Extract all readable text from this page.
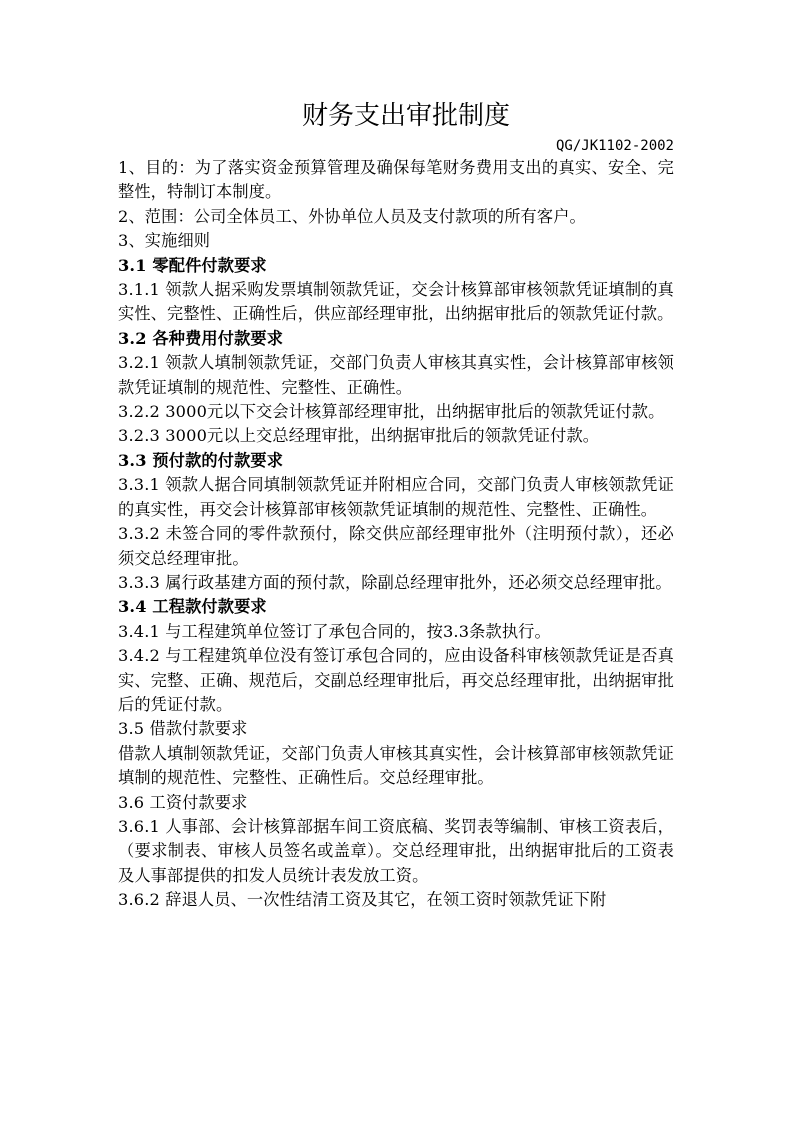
财务支出审批制度
QG/JK1102-2002

1、目的：为了落实资金预算管理及确保每笔财务费用支出的真实、安全、完整性，特制订本制度。

2、范围：公司全体员工、外协单位人员及支付款项的所有客户。

3、实施细则

3.1 零配件付款要求

3.1.1 领款人据采购发票填制领款凭证，交会计核算部审核领款凭证填制的真实性、完整性、正确性后，供应部经理审批，出纳据审批后的领款凭证付款。

3.2 各种费用付款要求

3.2.1 领款人填制领款凭证，交部门负责人审核其真实性，会计核算部审核领款凭证填制的规范性、完整性、正确性。

3.2.2 3000元以下交会计核算部经理审批，出纳据审批后的领款凭证付款。

3.2.3 3000元以上交总经理审批，出纳据审批后的领款凭证付款。

3.3 预付款的付款要求

3.3.1 领款人据合同填制领款凭证并附相应合同，交部门负责人审核领款凭证的真实性，再交会计核算部审核领款凭证填制的规范性、完整性、正确性。

3.3.2 未签合同的零件款预付，除交供应部经理审批外（注明预付款），还必须交总经理审批。

3.3.3 属行政基建方面的预付款，除副总经理审批外，还必须交总经理审批。

3.4 工程款付款要求

3.4.1 与工程建筑单位签订了承包合同的，按3.3条款执行。

3.4.2 与工程建筑单位没有签订承包合同的，应由设备科审核领款凭证是否真实、完整、正确、规范后，交副总经理审批后，再交总经理审批，出纳据审批后的凭证付款。

3.5 借款付款要求

借款人填制领款凭证，交部门负责人审核其真实性，会计核算部审核领款凭证填制的规范性、完整性、正确性后。交总经理审批。

3.6 工资付款要求

3.6.1 人事部、会计核算部据车间工资底稿、奖罚表等编制、审核工资表后，（要求制表、审核人员签名或盖章）。交总经理审批，出纳据审批后的工资表及人事部提供的扣发人员统计表发放工资。

3.6.2 辞退人员、一次性结清工资及其它，在领工资时领款凭证下附
